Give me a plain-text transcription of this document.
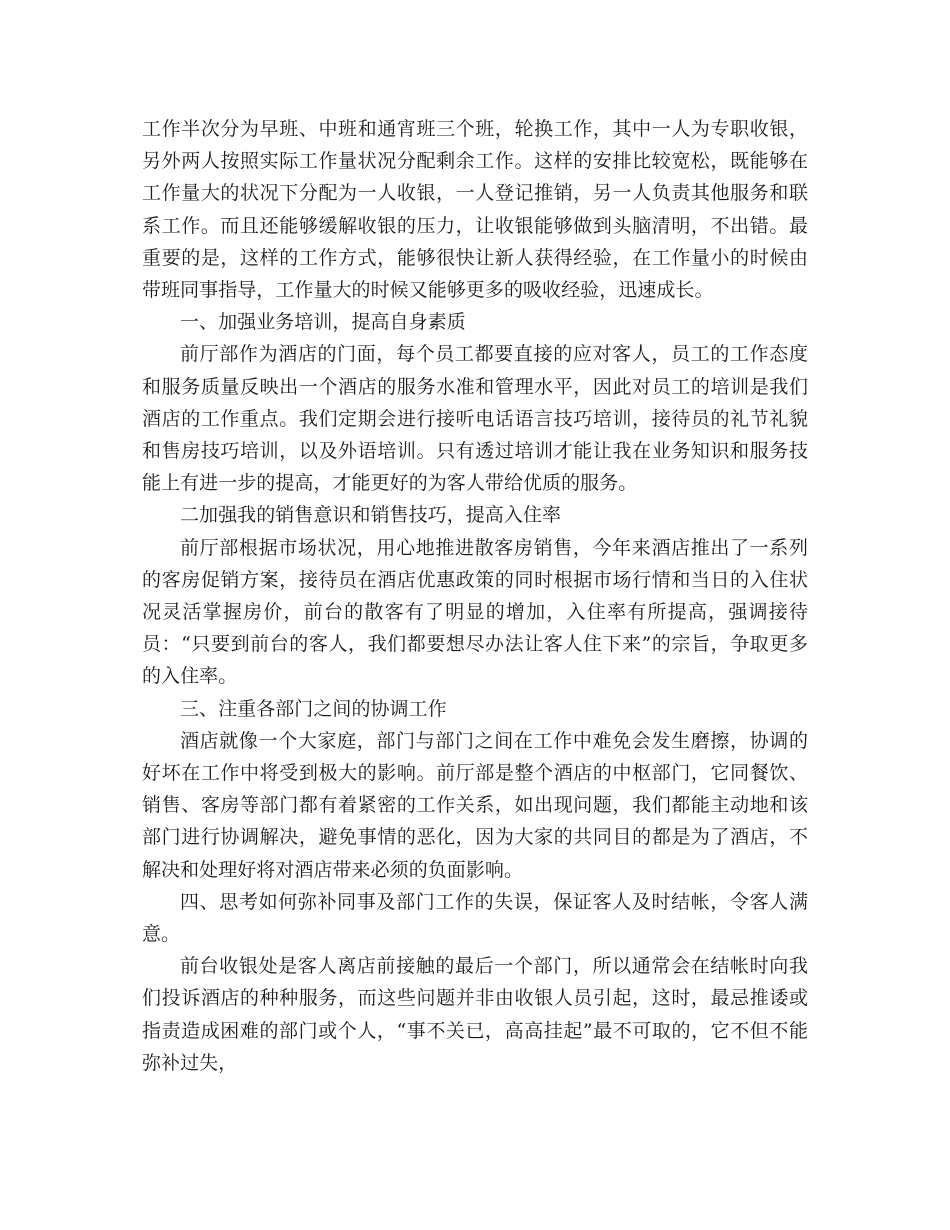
工作半次分为早班、中班和通宵班三个班，轮换工作，其中一人为专职收银，另外两人按照实际工作量状况分配剩余工作。这样的安排比较宽松，既能够在工作量大的状况下分配为一人收银，一人登记推销，另一人负责其他服务和联系工作。而且还能够缓解收银的压力，让收银能够做到头脑清明，不出错。最重要的是，这样的工作方式，能够很快让新人获得经验，在工作量小的时候由带班同事指导，工作量大的时候又能够更多的吸收经验，迅速成长。

一、加强业务培训，提高自身素质

前厅部作为酒店的门面，每个员工都要直接的应对客人，员工的工作态度和服务质量反映出一个酒店的服务水准和管理水平，因此对员工的培训是我们酒店的工作重点。我们定期会进行接听电话语言技巧培训，接待员的礼节礼貌和售房技巧培训，以及外语培训。只有透过培训才能让我在业务知识和服务技能上有进一步的提高，才能更好的为客人带给优质的服务。

二加强我的销售意识和销售技巧，提高入住率

前厅部根据市场状况，用心地推进散客房销售，今年来酒店推出了一系列的客房促销方案，接待员在酒店优惠政策的同时根据市场行情和当日的入住状况灵活掌握房价，前台的散客有了明显的增加，入住率有所提高，强调接待员：“只要到前台的客人，我们都要想尽办法让客人住下来”的宗旨，争取更多的入住率。

三、注重各部门之间的协调工作

酒店就像一个大家庭，部门与部门之间在工作中难免会发生磨擦，协调的好坏在工作中将受到极大的影响。前厅部是整个酒店的中枢部门，它同餐饮、销售、客房等部门都有着紧密的工作关系，如出现问题，我们都能主动地和该部门进行协调解决，避免事情的恶化，因为大家的共同目的都是为了酒店，不解决和处理好将对酒店带来必须的负面影响。

四、思考如何弥补同事及部门工作的失误，保证客人及时结帐，令客人满意。

前台收银处是客人离店前接触的最后一个部门，所以通常会在结帐时向我们投诉酒店的种种服务，而这些问题并非由收银人员引起，这时，最忌推诿或指责造成困难的部门或个人，“事不关已，高高挂起”最不可取的，它不但不能弥补过失，
